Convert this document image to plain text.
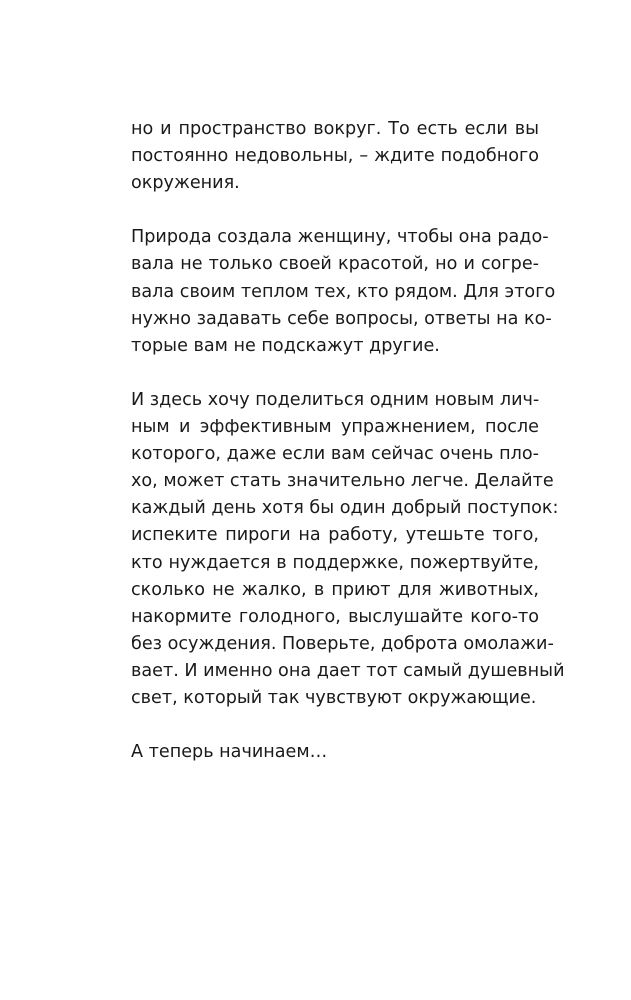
но и пространство вокруг. То есть если вы
постоянно недовольны, – ждите подобного
окружения.

Природа создала женщину, чтобы она радо-
вала не только своей красотой, но и согре-
вала своим теплом тех, кто рядом. Для этого
нужно задавать себе вопросы, ответы на ко-
торые вам не подскажут другие.

И здесь хочу поделиться одним новым лич-
ным и эффективным упражнением, после
которого, даже если вам сейчас очень пло-
хо, может стать значительно легче. Делайте
каждый день хотя бы один добрый поступок:
испеките пироги на работу, утешьте того,
кто нуждается в поддержке, пожертвуйте,
сколько не жалко, в приют для животных,
накормите голодного, выслушайте кого-то
без осуждения. Поверьте, доброта омолажи-
вает. И именно она дает тот самый душевный
свет, который так чувствуют окружающие.

А теперь начинаем…
